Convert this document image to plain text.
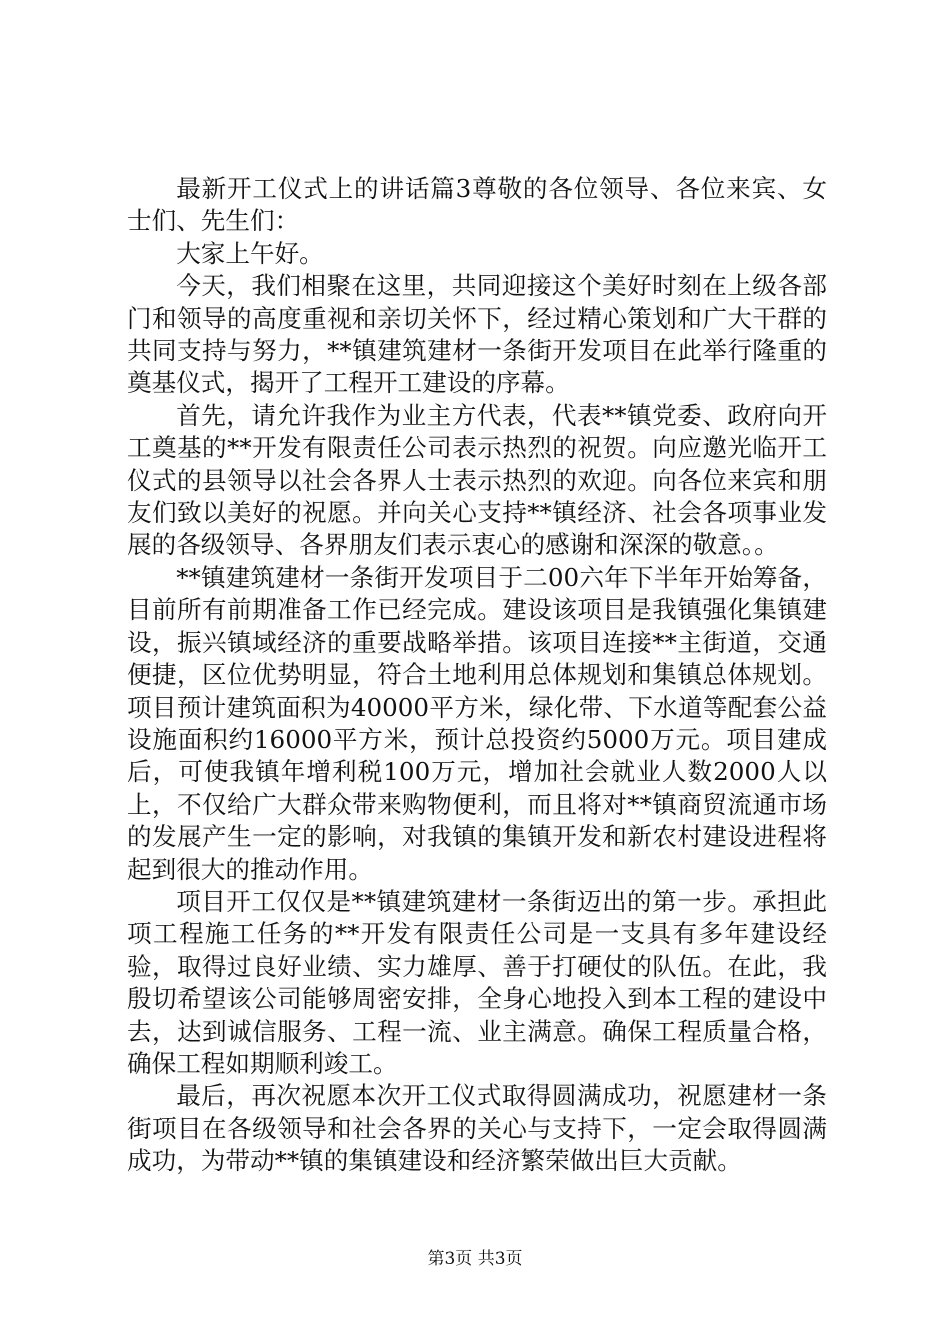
最新开工仪式上的讲话篇3尊敬的各位领导、各位来宾、女士们、先生们：

大家上午好。

今天，我们相聚在这里，共同迎接这个美好时刻在上级各部门和领导的高度重视和亲切关怀下，经过精心策划和广大干群的共同支持与努力，**镇建筑建材一条街开发项目在此举行隆重的奠基仪式，揭开了工程开工建设的序幕。

首先，请允许我作为业主方代表，代表**镇党委、政府向开工奠基的**开发有限责任公司表示热烈的祝贺。向应邀光临开工仪式的县领导以社会各界人士表示热烈的欢迎。向各位来宾和朋友们致以美好的祝愿。并向关心支持**镇经济、社会各项事业发展的各级领导、各界朋友们表示衷心的感谢和深深的敬意。。

**镇建筑建材一条街开发项目于二00六年下半年开始筹备，目前所有前期准备工作已经完成。建设该项目是我镇强化集镇建设，振兴镇域经济的重要战略举措。该项目连接**主街道，交通便捷，区位优势明显，符合土地利用总体规划和集镇总体规划。项目预计建筑面积为40000平方米，绿化带、下水道等配套公益设施面积约16000平方米，预计总投资约5000万元。项目建成后，可使我镇年增利税100万元，增加社会就业人数2000人以上，不仅给广大群众带来购物便利，而且将对**镇商贸流通市场的发展产生一定的影响，对我镇的集镇开发和新农村建设进程将起到很大的推动作用。

项目开工仅仅是**镇建筑建材一条街迈出的第一步。承担此项工程施工任务的**开发有限责任公司是一支具有多年建设经验，取得过良好业绩、实力雄厚、善于打硬仗的队伍。在此，我殷切希望该公司能够周密安排，全身心地投入到本工程的建设中去，达到诚信服务、工程一流、业主满意。确保工程质量合格，确保工程如期顺利竣工。

最后，再次祝愿本次开工仪式取得圆满成功，祝愿建材一条街项目在各级领导和社会各界的关心与支持下，一定会取得圆满成功，为带动**镇的集镇建设和经济繁荣做出巨大贡献。

第3页 共3页
